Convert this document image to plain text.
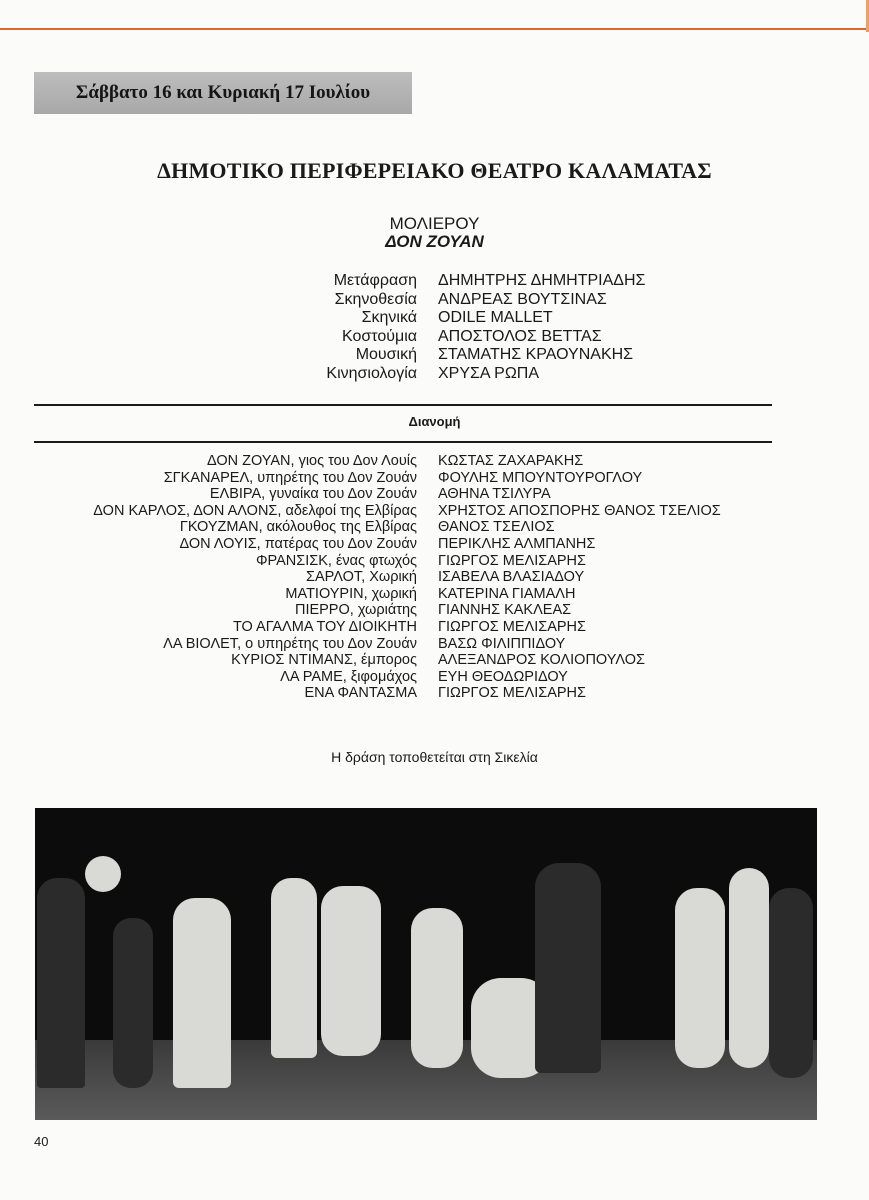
Σάββατο 16 και Κυριακή 17 Ιουλίου
ΔΗΜΟΤΙΚΟ ΠΕΡΙΦΕΡΕΙΑΚΟ ΘΕΑΤΡΟ ΚΑΛΑΜΑΤΑΣ
ΜΟΛΙΕΡΟΥ
ΔΟΝ ΖΟΥΑΝ
Μετάφραση ΔΗΜΗΤΡΗΣ ΔΗΜΗΤΡΙΑΔΗΣ
Σκηνοθεσία ΑΝΔΡΕΑΣ ΒΟΥΤΣΙΝΑΣ
Σκηνικά ODILE MALLET
Κοστούμια ΑΠΟΣΤΟΛΟΣ ΒΕΤΤΑΣ
Μουσική ΣΤΑΜΑΤΗΣ ΚΡΑΟΥΝΑΚΗΣ
Κινησιολογία ΧΡΥΣΑ ΡΩΠΑ
Διανομή
ΔΟΝ ΖΟΥΑΝ, γιος του Δον Λουίς ΚΩΣΤΑΣ ΖΑΧΑΡΑΚΗΣ
ΣΓΚΑΝΑΡΕΛ, υπηρέτης του Δον Ζουάν ΦΟΥΛΗΣ ΜΠΟΥΝΤΟΥΡΟΓΛΟΥ
ΕΛΒΙΡΑ, γυναίκα του Δον Ζουάν ΑΘΗΝΑ ΤΣΙΛΥΡΑ
ΔΟΝ ΚΑΡΛΟΣ, ΔΟΝ ΑΛΟΝΣ, αδελφοί της Ελβίρας ΧΡΗΣΤΟΣ ΑΠΟΣΠΟΡΗΣ ΘΑΝΟΣ ΤΣΕΛΙΟΣ
ΓΚΟΥΖΜΑΝ, ακόλουθος της Ελβίρας ΘΑΝΟΣ ΤΣΕΛΙΟΣ
ΔΟΝ ΛΟΥΙΣ, πατέρας του Δον Ζουάν ΠΕΡΙΚΛΗΣ ΑΛΜΠΑΝΗΣ
ΦΡΑΝΣΙΣΚ, ένας φτωχός ΓΙΩΡΓΟΣ ΜΕΛΙΣΑΡΗΣ
ΣΑΡΛΟΤ, Χωρική ΙΣΑΒΕΛΑ ΒΛΑΣΙΑΔΟΥ
ΜΑΤΙΟΥΡΙΝ, χωρική ΚΑΤΕΡΙΝΑ ΓΙΑΜΑΛΗ
ΠΙΕΡΡΟ, χωριάτης ΓΙΑΝΝΗΣ ΚΑΚΛΕΑΣ
ΤΟ ΑΓΑΛΜΑ ΤΟΥ ΔΙΟΙΚΗΤΗ ΓΙΩΡΓΟΣ ΜΕΛΙΣΑΡΗΣ
ΛΑ ΒΙΟΛΕΤ, ο υπηρέτης του Δον Ζουάν ΒΑΣΩ ΦΙΛΙΠΠΙΔΟΥ
ΚΥΡΙΟΣ ΝΤΙΜΑΝΣ, έμπορος ΑΛΕΞΑΝΔΡΟΣ ΚΟΛΙΟΠΟΥΛΟΣ
ΛΑ ΡΑΜΕ, ξιφομάχος ΕΥΗ ΘΕΟΔΩΡΙΔΟΥ
ΕΝΑ ΦΑΝΤΑΣΜΑ ΓΙΩΡΓΟΣ ΜΕΛΙΣΑΡΗΣ
Η δράση τοποθετείται στη Σικελία
40
